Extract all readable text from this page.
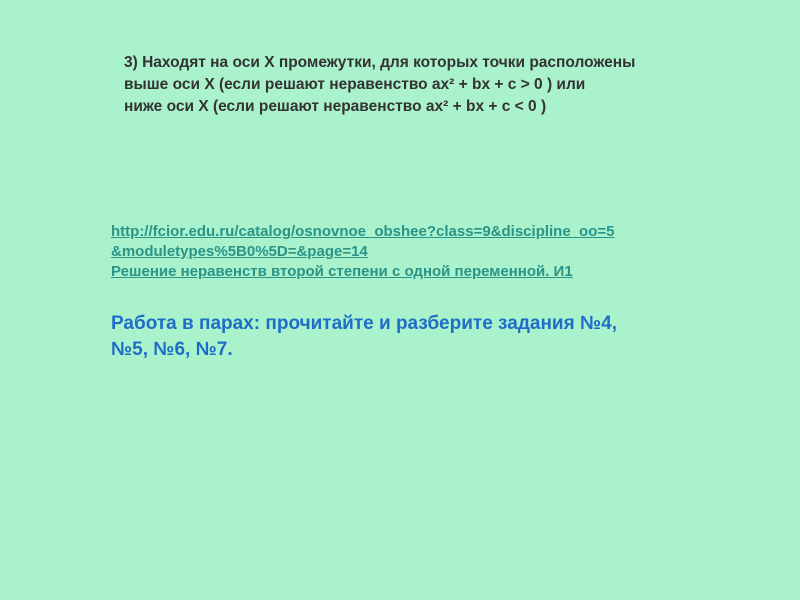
3) Находят на оси X промежутки, для которых точки расположены
выше оси X (если решают неравенство ax² + bx + c > 0 ) или
ниже оси X (если решают неравенство ax² + bx + c < 0 )
http://fcior.edu.ru/catalog/osnovnoe_obshee?class=9&discipline_oo=5
&moduletypes%5B0%5D=&page=14
Решение неравенств второй степени с одной переменной. И1
Работа в парах: прочитайте и разберите задания №4,
№5, №6, №7.
